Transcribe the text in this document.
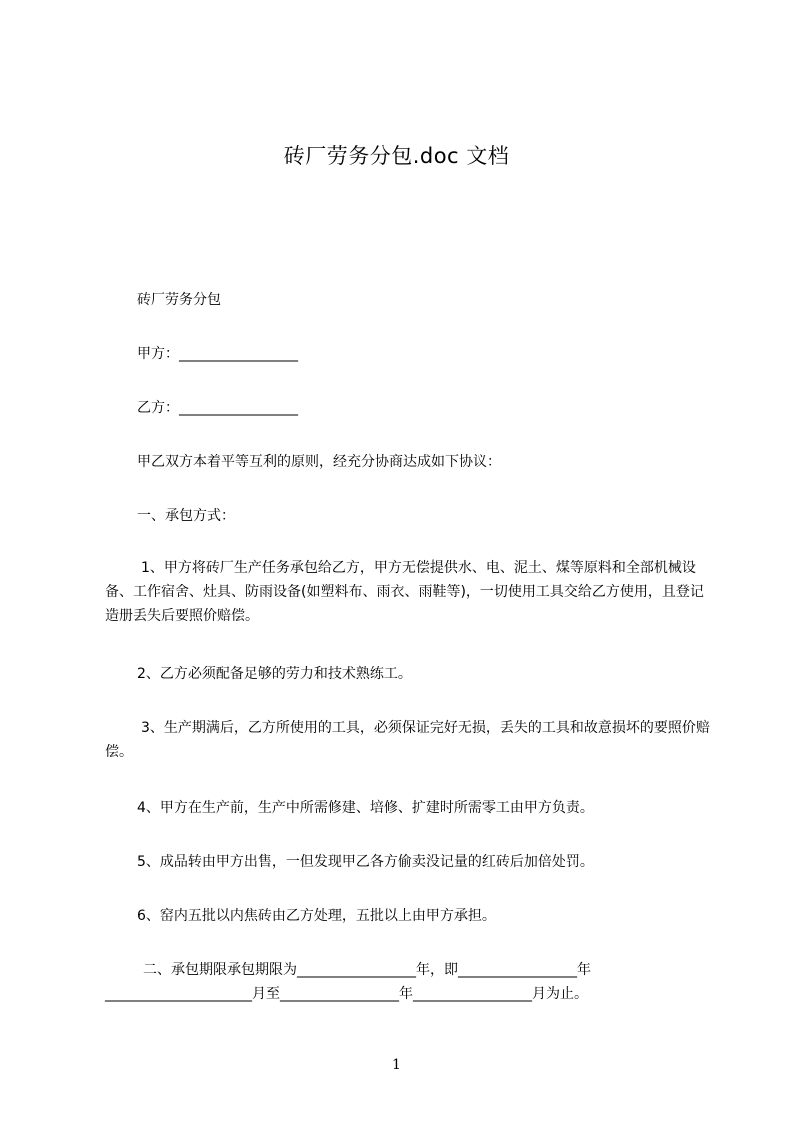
砖厂劳务分包.doc 文档
砖厂劳务分包
甲方：_________________
乙方：_________________
甲乙双方本着平等互利的原则，经充分协商达成如下协议：
一、承包方式：
1、甲方将砖厂生产任务承包给乙方，甲方无偿提供水、电、泥土、煤等原料和全部机械设备、工作宿舍、灶具、防雨设备(如塑料布、雨衣、雨鞋等)，一切使用工具交给乙方使用，且登记造册丢失后要照价赔偿。
2、乙方必须配备足够的劳力和技术熟练工。
3、生产期满后，乙方所使用的工具，必须保证完好无损，丢失的工具和故意损坏的要照价赔偿。
4、甲方在生产前，生产中所需修建、培修、扩建时所需零工由甲方负责。
5、成品转由甲方出售，一但发现甲乙各方偷卖没记量的红砖后加倍处罚。
6、窑内五批以内焦砖由乙方处理，五批以上由甲方承担。
二、承包期限承包期限为_________________年，即_________________年_____________________月至_________________年_________________月为止。
1
